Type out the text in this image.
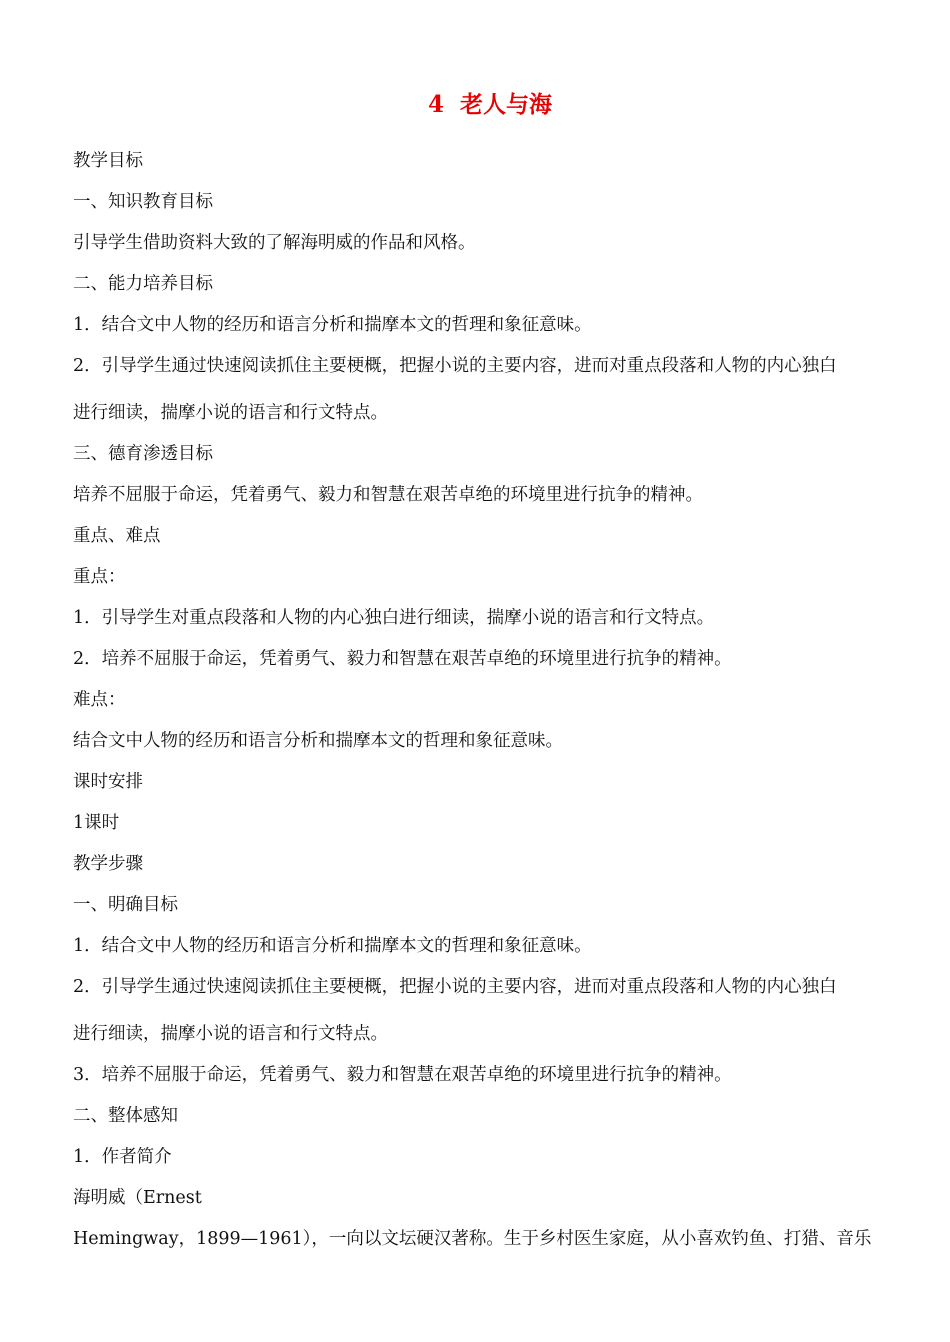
4  老人与海
教学目标
一、知识教育目标
引导学生借助资料大致的了解海明威的作品和风格。
二、能力培养目标
1．结合文中人物的经历和语言分析和揣摩本文的哲理和象征意味。
2．引导学生通过快速阅读抓住主要梗概，把握小说的主要内容，进而对重点段落和人物的内心独白
进行细读，揣摩小说的语言和行文特点。
三、德育渗透目标
培养不屈服于命运，凭着勇气、毅力和智慧在艰苦卓绝的环境里进行抗争的精神。
重点、难点
重点：
1．引导学生对重点段落和人物的内心独白进行细读，揣摩小说的语言和行文特点。
2．培养不屈服于命运，凭着勇气、毅力和智慧在艰苦卓绝的环境里进行抗争的精神。
难点：
结合文中人物的经历和语言分析和揣摩本文的哲理和象征意味。
课时安排
1课时
教学步骤
一、明确目标
1．结合文中人物的经历和语言分析和揣摩本文的哲理和象征意味。
2．引导学生通过快速阅读抓住主要梗概，把握小说的主要内容，进而对重点段落和人物的内心独白
进行细读，揣摩小说的语言和行文特点。
3．培养不屈服于命运，凭着勇气、毅力和智慧在艰苦卓绝的环境里进行抗争的精神。
二、整体感知
1．作者简介
海明威（Ernest
Hemingway，1899—1961），一向以文坛硬汉著称。生于乡村医生家庭，从小喜欢钓鱼、打猎、音乐
